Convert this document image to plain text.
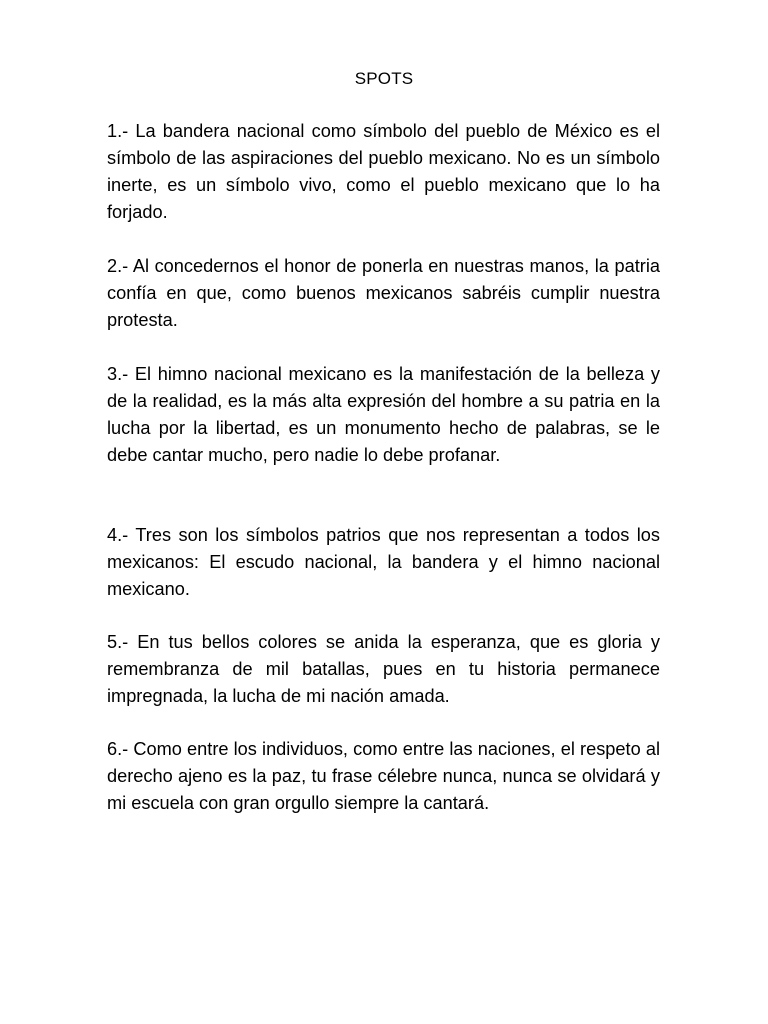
SPOTS

1.- La bandera nacional como símbolo del pueblo de México es el símbolo de las aspiraciones del pueblo mexicano. No es un símbolo inerte, es un símbolo vivo, como el pueblo mexicano que lo ha forjado.

2.- Al concedernos el honor de ponerla en nuestras manos, la patria confía en que, como buenos mexicanos sabréis cumplir nuestra protesta.

3.- El himno nacional mexicano es la manifestación de la belleza y de la realidad, es la más alta expresión del hombre a su patria en la lucha por la libertad, es un monumento hecho de palabras, se le debe cantar mucho, pero nadie lo debe profanar.

4.- Tres son los símbolos patrios que nos representan a todos los mexicanos: El escudo nacional, la bandera y el himno nacional mexicano.

5.- En tus bellos colores se anida la esperanza, que es gloria y remembranza de mil batallas, pues en tu historia permanece impregnada, la lucha de mi nación amada.

6.- Como entre los individuos, como entre las naciones, el respeto al derecho ajeno es la paz, tu frase célebre nunca, nunca se olvidará y mi escuela con gran orgullo siempre la cantará.
